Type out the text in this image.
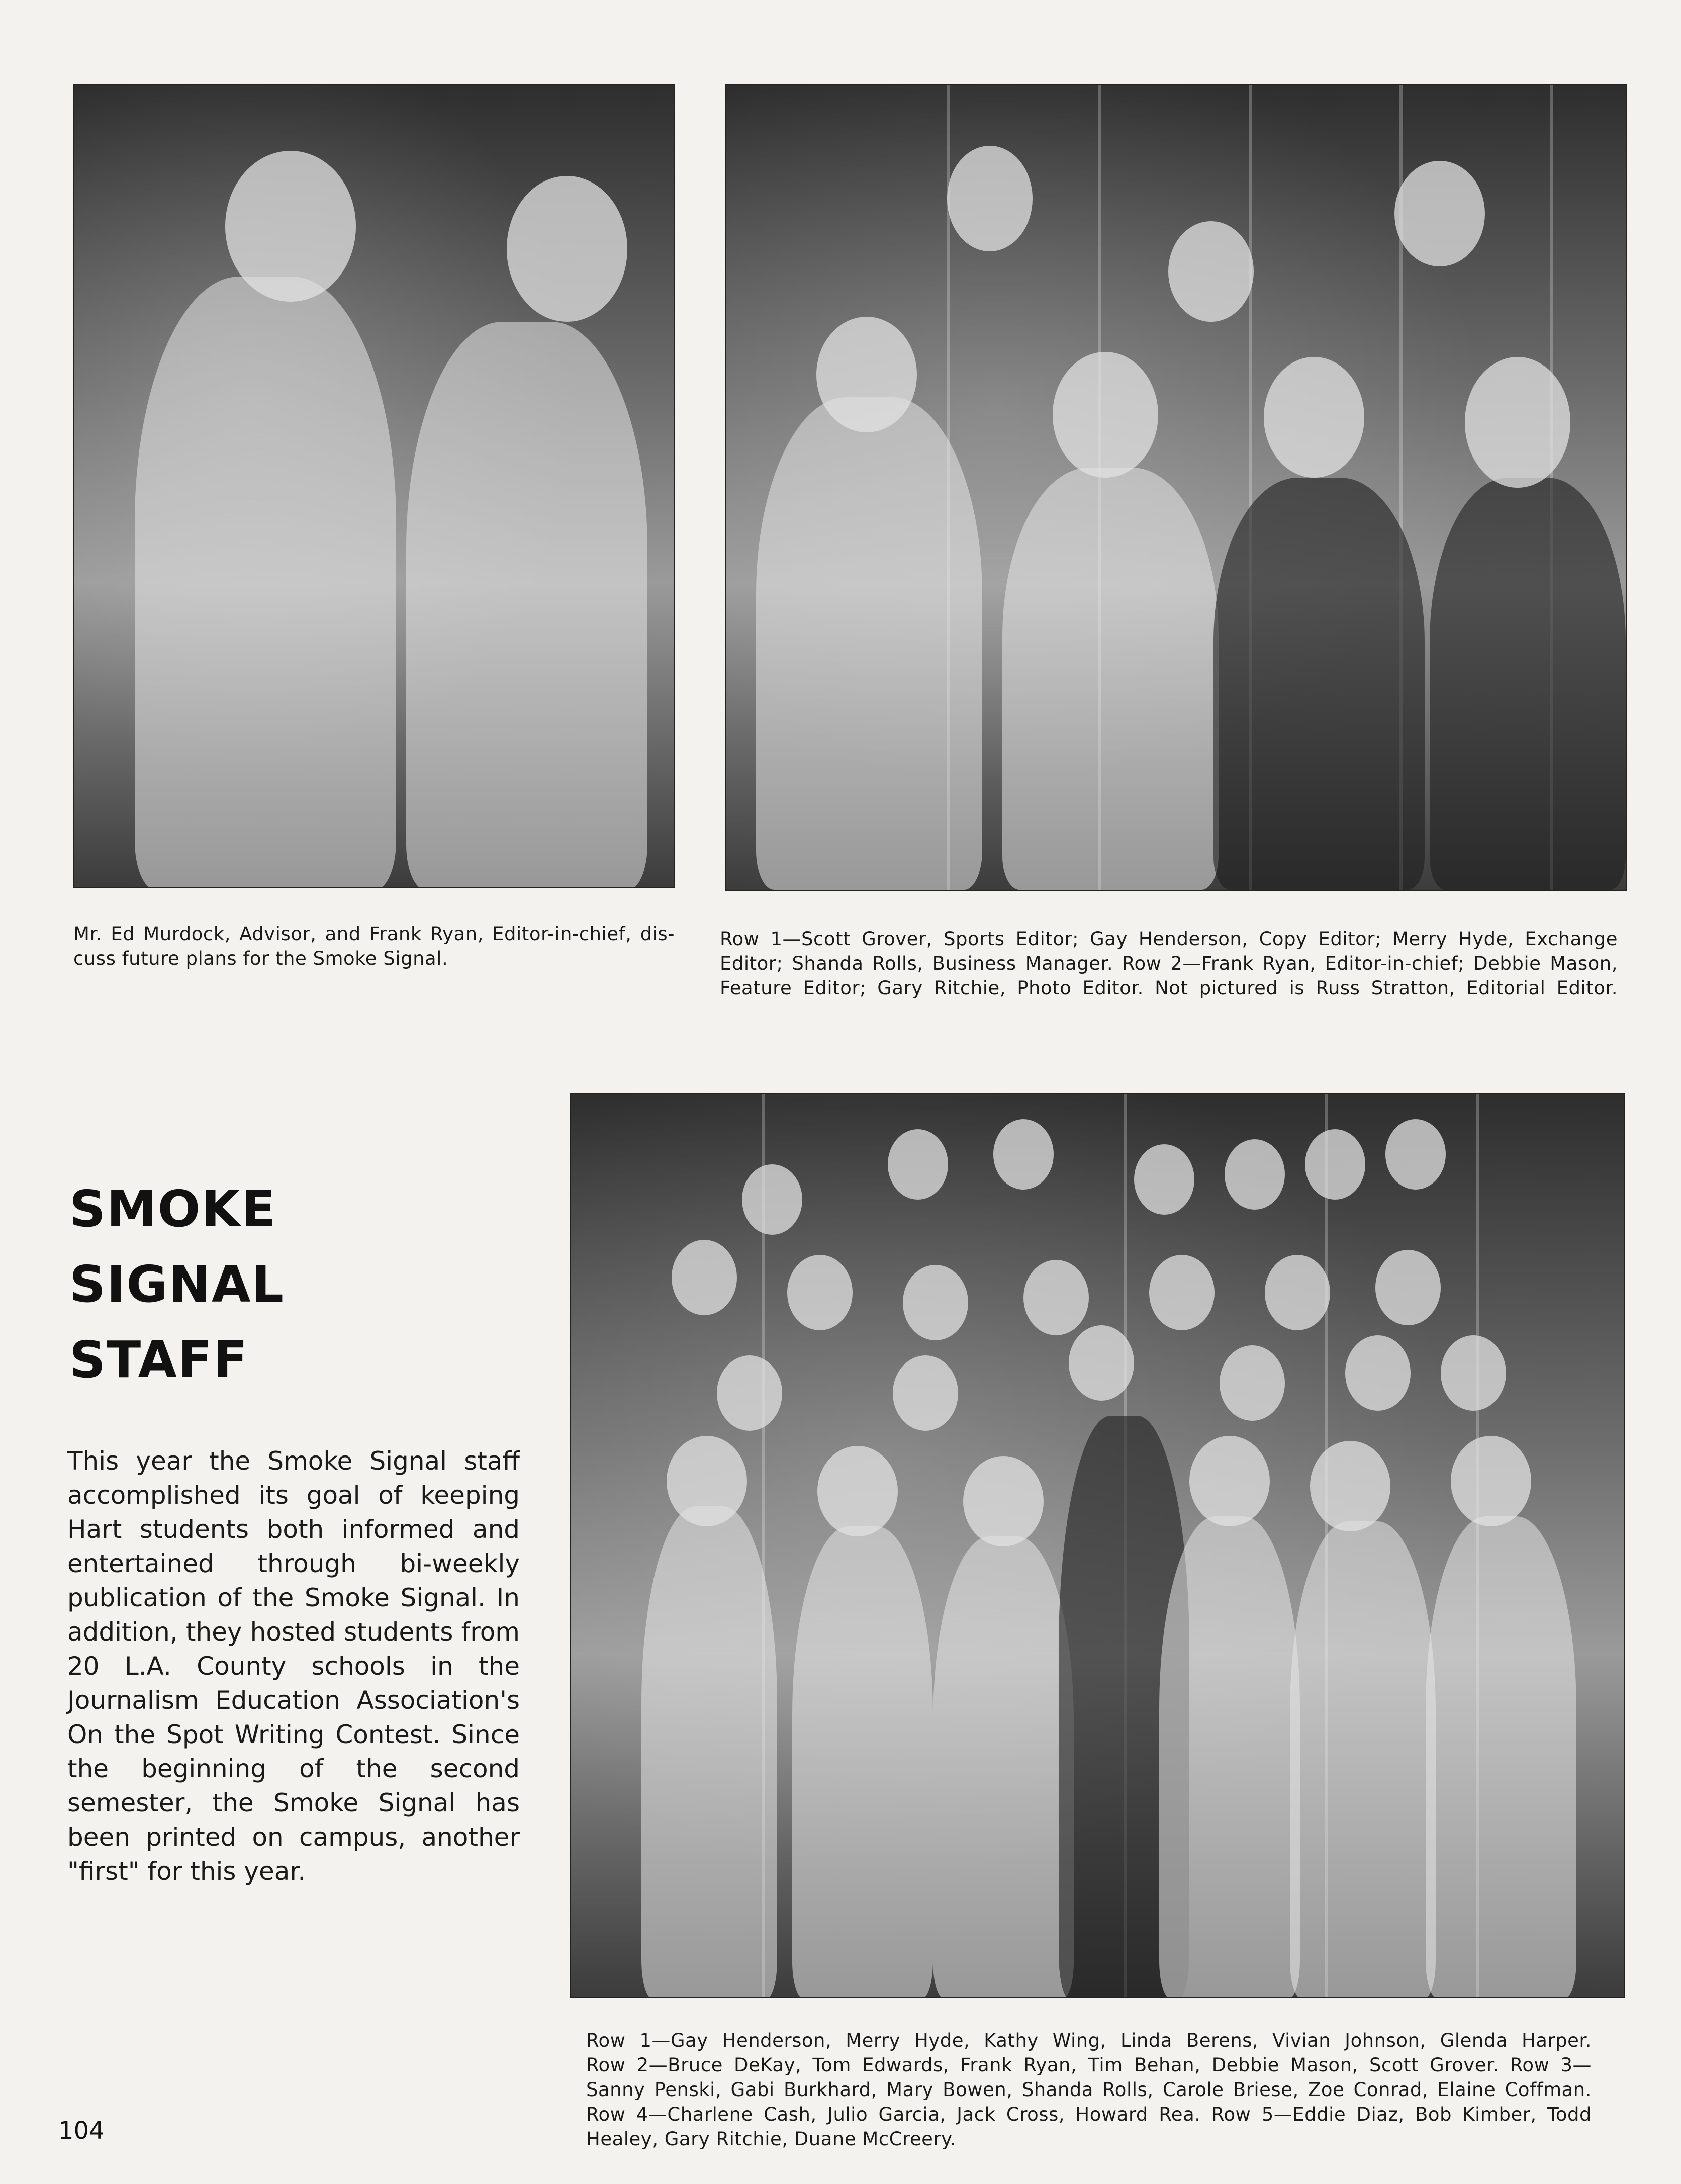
Mr. Ed Murdock, Advisor, and Frank Ryan, Editor-in-chief, dis-
cuss future plans for the Smoke Signal.
Row 1—Scott Grover, Sports Editor; Gay Henderson, Copy Editor; Merry Hyde, Exchange
Editor; Shanda Rolls, Business Manager. Row 2—Frank Ryan, Editor-in-chief; Debbie Mason,
Feature Editor; Gary Ritchie, Photo Editor. Not pictured is Russ Stratton, Editorial Editor.
SMOKE
SIGNAL
STAFF
This year the Smoke Signal staff accomplished its goal of keeping Hart students both informed and entertained through bi-weekly publication of the Smoke Signal. In addition, they hosted students from 20 L.A. County schools in the Journalism Education Association's On the Spot Writing Contest. Since the beginning of the second semester, the Smoke Signal has been printed on campus, another "first" for this year.
Row 1—Gay Henderson, Merry Hyde, Kathy Wing, Linda Berens, Vivian Johnson, Glenda Harper.
Row 2—Bruce DeKay, Tom Edwards, Frank Ryan, Tim Behan, Debbie Mason, Scott Grover. Row 3—
Sanny Penski, Gabi Burkhard, Mary Bowen, Shanda Rolls, Carole Briese, Zoe Conrad, Elaine Coffman.
Row 4—Charlene Cash, Julio Garcia, Jack Cross, Howard Rea. Row 5—Eddie Diaz, Bob Kimber, Todd
Healey, Gary Ritchie, Duane McCreery.
104
